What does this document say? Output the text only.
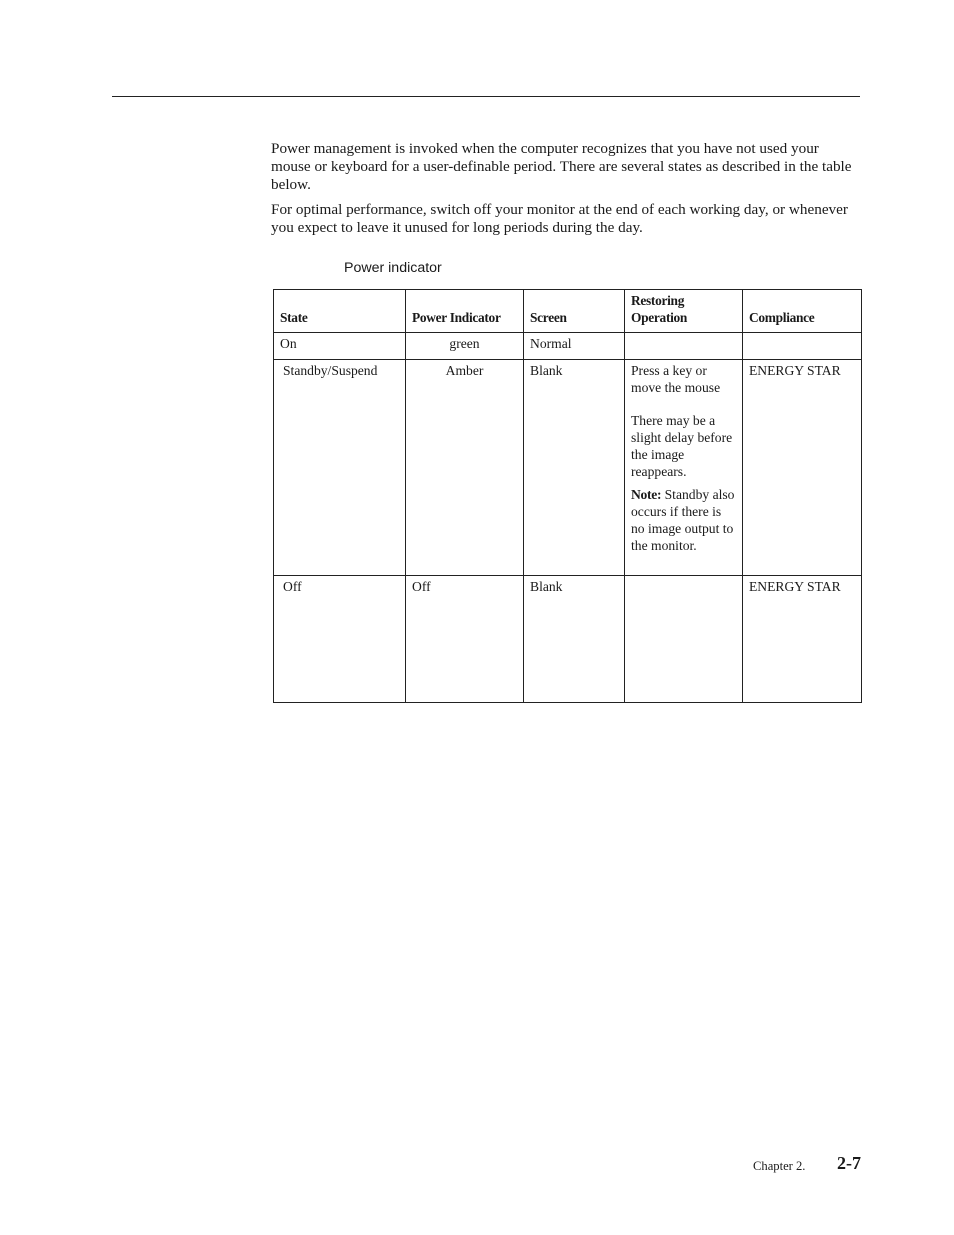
Power management is invoked when the computer recognizes that you have not used your mouse or keyboard for a user-definable period. There are several states as described in the table below.

For optimal performance, switch off your monitor at the end of each working day, or whenever you expect to leave it unused for long periods during the day.

Power indicator

State	Power Indicator	Screen	Restoring Operation	Compliance
On	green	Normal		
Standby/Suspend	Amber	Blank	Press a key or move the mouse

There may be a slight delay before the image reappears.

Note: Standby also occurs if there is no image output to the monitor.	ENERGY STAR
Off	Off	Blank		ENERGY STAR

Chapter 2. 2-7
